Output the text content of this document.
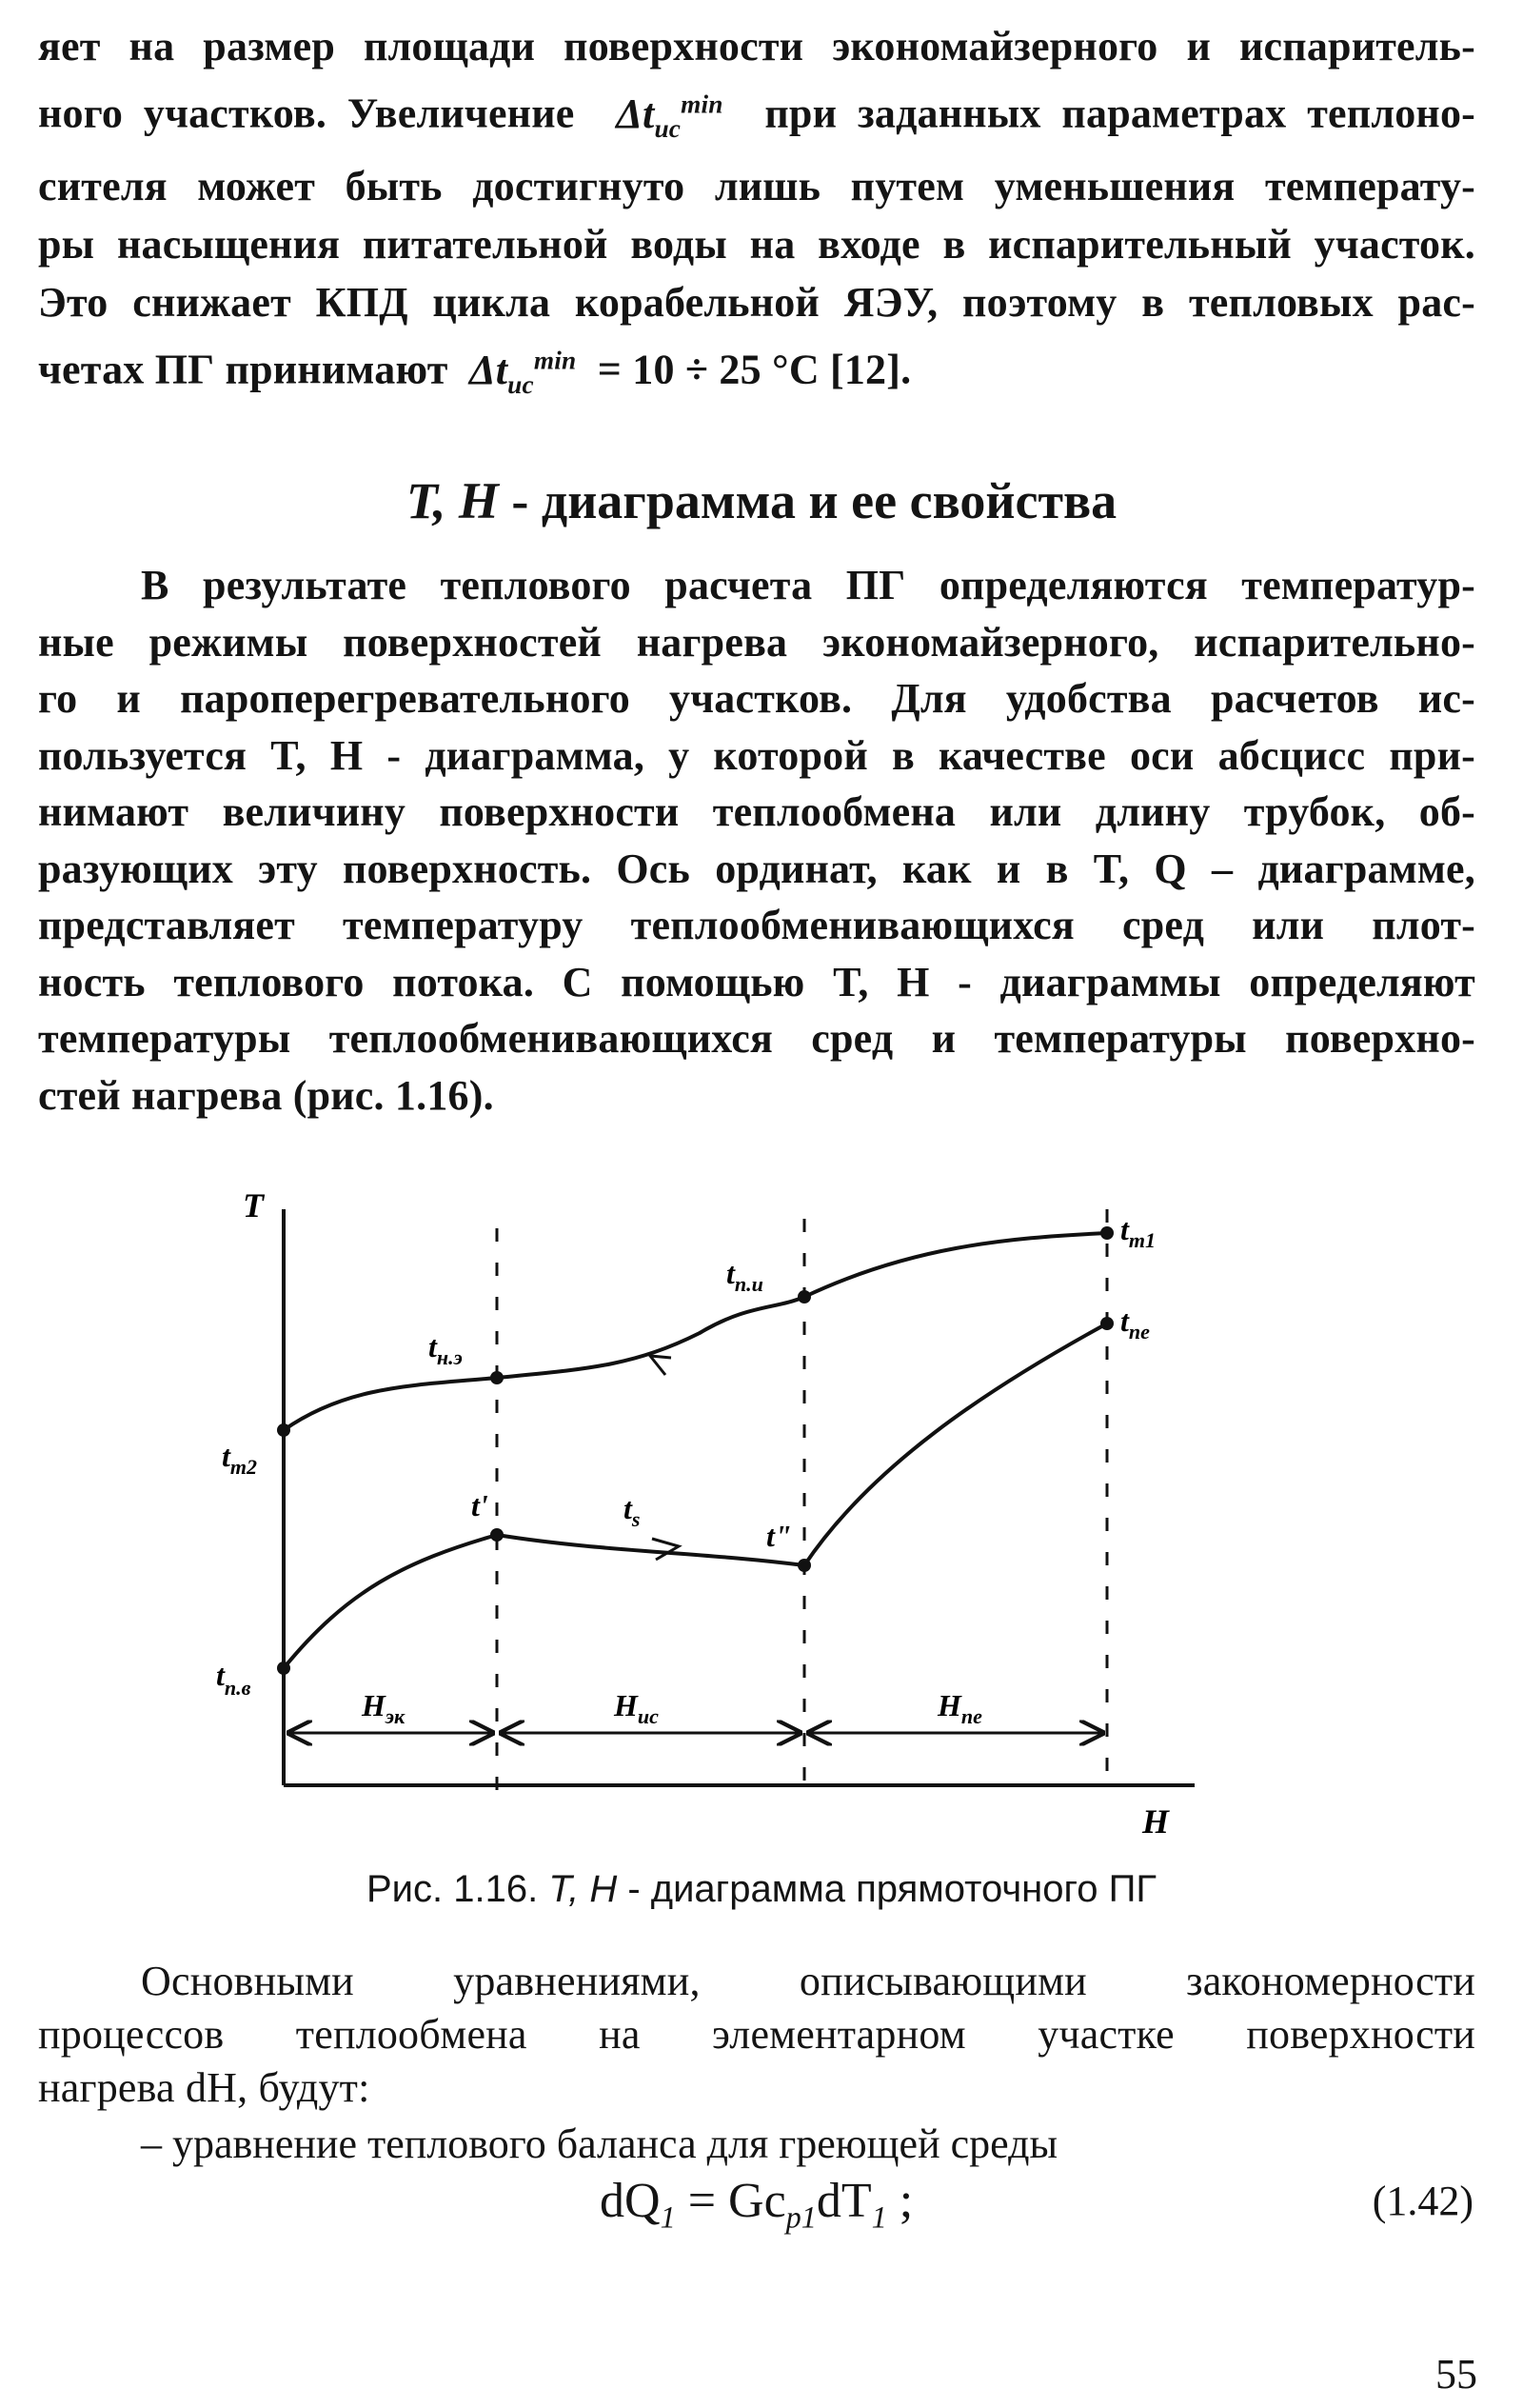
яет на размер площади поверхности экономайзерного и испаритель-
ного участков. Увеличение $\Delta t_{ис}^{min}$ при заданных параметрах теплоно-
сителя может быть достигнуто лишь путем уменьшения температу-
ры насыщения питательной воды на входе в испарительный участок.
Это снижает КПД цикла корабельной ЯЭУ, поэтому в тепловых рас-
четах ПГ принимают $\Delta t_{ис}^{min} = 10 \div 25$ °С [12].
T, H - диаграмма и ее свойства
В результате теплового расчета ПГ определяются температур-
ные режимы поверхностей нагрева экономайзерного, испарительно-
го и пароперегревательного участков. Для удобства расчетов ис-
пользуется T, H - диаграмма, у которой в качестве оси абсцисс при-
нимают величину поверхности теплообмена или длину трубок, об-
разующих эту поверхность. Ось ординат, как и в T, Q – диаграмме,
представляет температуру теплообменивающихся сред или плот-
ность теплового потока. С помощью T, H - диаграммы определяют
температуры теплообменивающихся сред и температуры поверхно-
стей нагрева (рис. 1.16).
T
H
$t_{т1}$
$t_{пе}$
$t_{п.и}$
$t_{н.э}$
$t_{т2}$
t'	$t_s$	t"
$t_{п.в}$
$H_{эк}$	$H_{ис}$	$H_{пе}$
Рис. 1.16. T, H - диаграмма прямоточного ПГ
Основными уравнениями, описывающими закономерности
процессов теплообмена на элементарном участке поверхности
нагрева dH, будут:
– уравнение теплового баланса для греющей среды
$dQ_1 = Gc_{p1}dT_1$ ;	(1.42)
55
